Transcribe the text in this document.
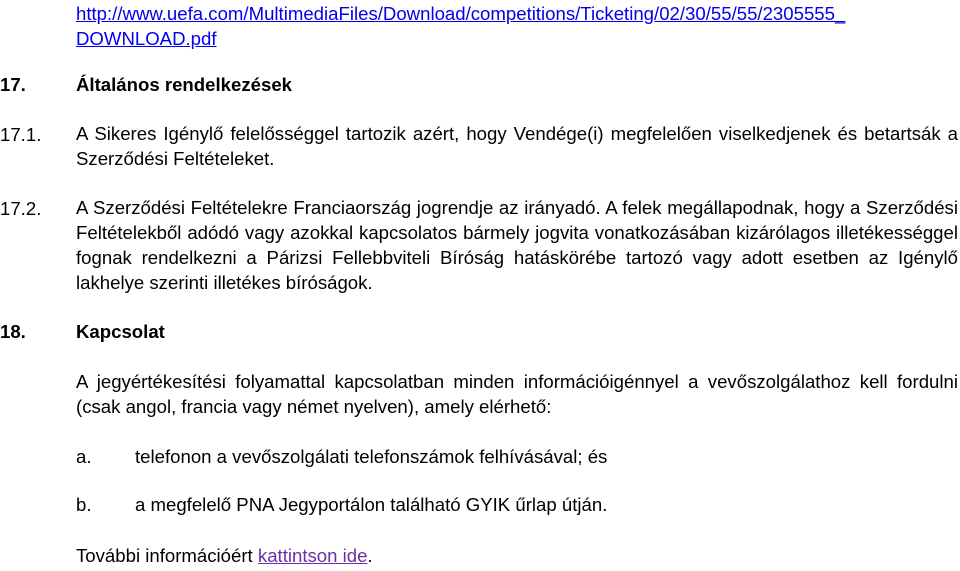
http://www.uefa.com/MultimediaFiles/Download/competitions/Ticketing/02/30/55/55/2305555_
DOWNLOAD.pdf
17.	Általános rendelkezések
17.1. A Sikeres Igénylő felelősséggel tartozik azért, hogy Vendége(i) megfelelően viselkedjenek és betartsák a Szerződési Feltételeket.
17.2. A Szerződési Feltételekre Franciaország jogrendje az irányadó. A felek megállapodnak, hogy a Szerződési Feltételekből adódó vagy azokkal kapcsolatos bármely jogvita vonatkozásában kizárólagos illetékességgel fognak rendelkezni a Párizsi Fellebbviteli Bíróság hatáskörébe tartozó vagy adott esetben az Igénylő lakhelye szerinti illetékes bíróságok.
18.	Kapcsolat
A jegyértékesítési folyamattal kapcsolatban minden információigénnyel a vevőszolgálathoz kell fordulni (csak angol, francia vagy német nyelven), amely elérhető:
a. telefonon a vevőszolgálati telefonszámok felhívásával; és
b. a megfelelő PNA Jegyportálon található GYIK űrlap útján.
További információért kattintson ide.
